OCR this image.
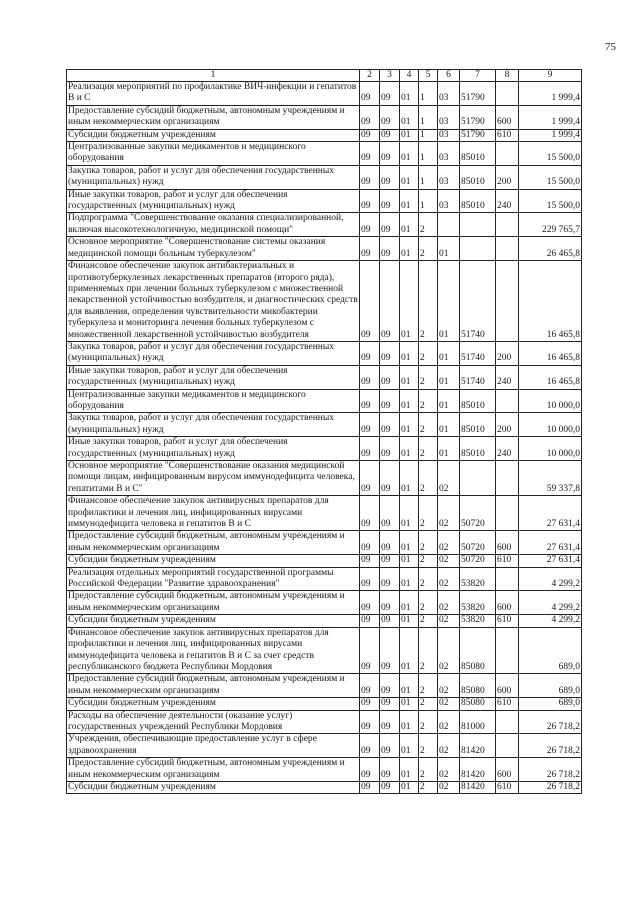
75
1	2	3	4	5	6	7	8	9
Реализация мероприятий по профилактике ВИЧ-инфекции и гепатитов В и С	09	09	01	1	03	51790		1 999,4
Предоставление субсидий бюджетным, автономным учреждениям и иным некоммерческим организациям	09	09	01	1	03	51790	600	1 999,4
Субсидии бюджетным учреждениям	09	09	01	1	03	51790	610	1 999,4
Централизованные закупки медикаментов и медицинского оборудования	09	09	01	1	03	85010		15 500,0
Закупка товаров, работ и услуг для обеспечения государственных (муниципальных) нужд	09	09	01	1	03	85010	200	15 500,0
Иные закупки товаров, работ и услуг для обеспечения государственных (муниципальных) нужд	09	09	01	1	03	85010	240	15 500,0
Подпрограмма "Совершенствование оказания специализированной, включая высокотехнологичную, медицинской помощи"	09	09	01	2				229 765,7
Основное мероприятие "Совершенствование системы оказания медицинской помощи больным туберкулезом"	09	09	01	2	01			26 465,8
Финансовое обеспечение закупок антибактериальных и противотуберкулезных лекарственных препаратов (второго ряда), применяемых при лечении больных туберкулезом с множественной лекарственной устойчивостью возбудителя, и диагностических средств для выявления, определения чувствительности микобактерии туберкулеза и мониторинга лечения больных туберкулезом с множественной лекарственной устойчивостью возбудителя	09	09	01	2	01	51740		16 465,8
Закупка товаров, работ и услуг для обеспечения государственных (муниципальных) нужд	09	09	01	2	01	51740	200	16 465,8
Иные закупки товаров, работ и услуг для обеспечения государственных (муниципальных) нужд	09	09	01	2	01	51740	240	16 465,8
Централизованные закупки медикаментов и медицинского оборудования	09	09	01	2	01	85010		10 000,0
Закупка товаров, работ и услуг для обеспечения государственных (муниципальных) нужд	09	09	01	2	01	85010	200	10 000,0
Иные закупки товаров, работ и услуг для обеспечения государственных (муниципальных) нужд	09	09	01	2	01	85010	240	10 000,0
Основное мероприятие "Совершенствование оказания медицинской помощи лицам, инфицированным вирусом иммунодефицита человека, гепатитами В и С"	09	09	01	2	02			59 337,8
Финансовое обеспечение закупок антивирусных препаратов для профилактики и лечения лиц, инфицированных вирусами иммунодефицита человека и гепатитов В и С	09	09	01	2	02	50720		27 631,4
Предоставление субсидий бюджетным, автономным учреждениям и иным некоммерческим организациям	09	09	01	2	02	50720	600	27 631,4
Субсидии бюджетным учреждениям	09	09	01	2	02	50720	610	27 631,4
Реализация отдельных мероприятий государственной программы Российской Федерации "Развитие здравоохранения"	09	09	01	2	02	53820		4 299,2
Предоставление субсидий бюджетным, автономным учреждениям и иным некоммерческим организациям	09	09	01	2	02	53820	600	4 299,2
Субсидии бюджетным учреждениям	09	09	01	2	02	53820	610	4 299,2
Финансовое обеспечение закупок антивирусных препаратов для профилактики и лечения лиц, инфицированных вирусами иммунодефицита человека и гепатитов В и С за счет средств республиканского бюджета Республики Мордовия	09	09	01	2	02	85080		689,0
Предоставление субсидий бюджетным, автономным учреждениям и иным некоммерческим организациям	09	09	01	2	02	85080	600	689,0
Субсидии бюджетным учреждениям	09	09	01	2	02	85080	610	689,0
Расходы на обеспечение деятельности (оказание услуг) государственных учреждений Республики Мордовия	09	09	01	2	02	81000		26 718,2
Учреждения, обеспечивающие предоставление услуг в сфере здравоохранения	09	09	01	2	02	81420		26 718,2
Предоставление субсидий бюджетным, автономным учреждениям и иным некоммерческим организациям	09	09	01	2	02	81420	600	26 718,2
Субсидии бюджетным учреждениям	09	09	01	2	02	81420	610	26 718,2
